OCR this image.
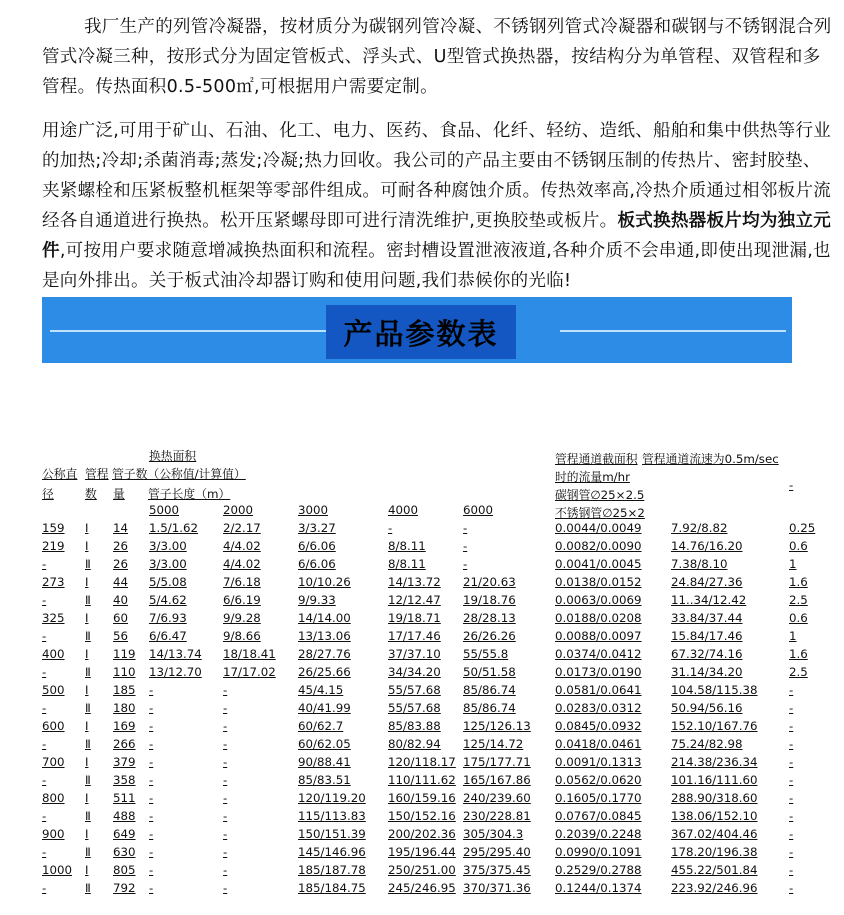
我厂生产的列管冷凝器，按材质分为碳钢列管冷凝、不锈钢列管式冷凝器和碳钢与不锈钢混合列管式冷凝三种，按形式分为固定管板式、浮头式、U型管式换热器，按结构分为单管程、双管程和多管程。传热面积0.5-500㎡,可根据用户需要定制。
用途广泛,可用于矿山、石油、化工、电力、医药、食品、化纤、轻纺、造纸、船舶和集中供热等行业的加热;冷却;杀菌消毒;蒸发;冷凝;热力回收。我公司的产品主要由不锈钢压制的传热片、密封胶垫、夹紧螺栓和压紧板整机框架等零部件组成。可耐各种腐蚀介质。传热效率高,冷热介质通过相邻板片流经各自通道进行换热。松开压紧螺母即可进行清洗维护,更换胶垫或板片。板式换热器板片均为独立元件,可按用户要求随意增减换热面积和流程。密封槽设置泄液液道,各种介质不会串通,即使出现泄漏,也是向外排出。关于板式油冷却器订购和使用问题,我们恭候你的光临!
产品参数表
换热面积
管子数（公称值/计算值）
公称直
径
管程
数 量 管子长度（m）
5000	2000	3000	4000	6000
管程通道截面积 管程通道流速为0.5m/sec
时的流量m/hr
碳钢管∅25×2.5
不锈钢管∅25×2
-
159 Ⅰ 14 1.5/1.62 2/2.17	3/3.27	-	-	0.0044/0.0049 7.92/8.82	0.25
219 Ⅰ 26 3/3.00	4/4.02	6/6.06	8/8.11	-	0.0082/0.0090 14.76/16.20	0.6
-	Ⅱ 26 3/3.00	4/4.02	6/6.06	8/8.11	-	0.0041/0.0045 7.38/8.10	1
273 Ⅰ 44 5/5.08	7/6.18	10/10.26	14/13.72 21/20.63	0.0138/0.0152 24.84/27.36	1.6
-	Ⅱ 40 5/4.62	6/6.19	9/9.33	12/12.47 19/18.76	0.0063/0.0069 11..34/12.42	2.5
325 Ⅰ 60 7/6.93	9/9.28	14/14.00	19/18.71 28/28.13	0.0188/0.0208 33.84/37.44	0.6
-	Ⅱ 56 6/6.47	9/8.66	13/13.06	17/17.46 26/26.26	0.0088/0.0097 15.84/17.46	1
400 Ⅰ 119 14/13.74 18/18.41 28/27.76	37/37.10 55/55.8	0.0374/0.0412 67.32/74.16	1.6
-	Ⅱ 110 13/12.70 17/17.02 26/25.66	34/34.20 50/51.58	0.0173/0.0190 31.14/34.20	2.5
500 Ⅰ 185 -	-	45/4.15	55/57.68 85/86.74	0.0581/0.0641 104.58/115.38	-
-	Ⅱ 180 -	-	40/41.99	55/57.68 85/86.74	0.0283/0.0312 50.94/56.16	-
600 Ⅰ 169 -	-	60/62.7	85/83.88 125/126.13 0.0845/0.0932 152.10/167.76	-
-	Ⅱ 266 -	-	60/62.05	80/82.94 125/14.72	0.0418/0.0461 75.24/82.98	-
700 Ⅰ 379 -	-	90/88.41	120/118.17 175/177.71 0.0091/0.1313 214.38/236.34	-
-	Ⅱ 358 -	-	85/83.51	110/111.62 165/167.86 0.0562/0.0620 101.16/111.60	-
800 Ⅰ 511 -	-	120/119.20 160/159.16 240/239.60 0.1605/0.1770 288.90/318.60	-
-	Ⅱ 488 -	-	115/113.83 150/152.16 230/228.81 0.0767/0.0845 138.06/152.10	-
900 Ⅰ 649 -	-	150/151.39 200/202.36 305/304.3	0.2039/0.2248 367.02/404.46	-
-	Ⅱ 630 -	-	145/146.96 195/196.44 295/295.40 0.0990/0.1091 178.20/196.38	-
1000 Ⅰ 805 -	-	185/187.78 250/251.00 375/375.45 0.2529/0.2788 455.22/501.84	-
-	Ⅱ 792 -	-	185/184.75 245/246.95 370/371.36 0.1244/0.1374 223.92/246.96	-
